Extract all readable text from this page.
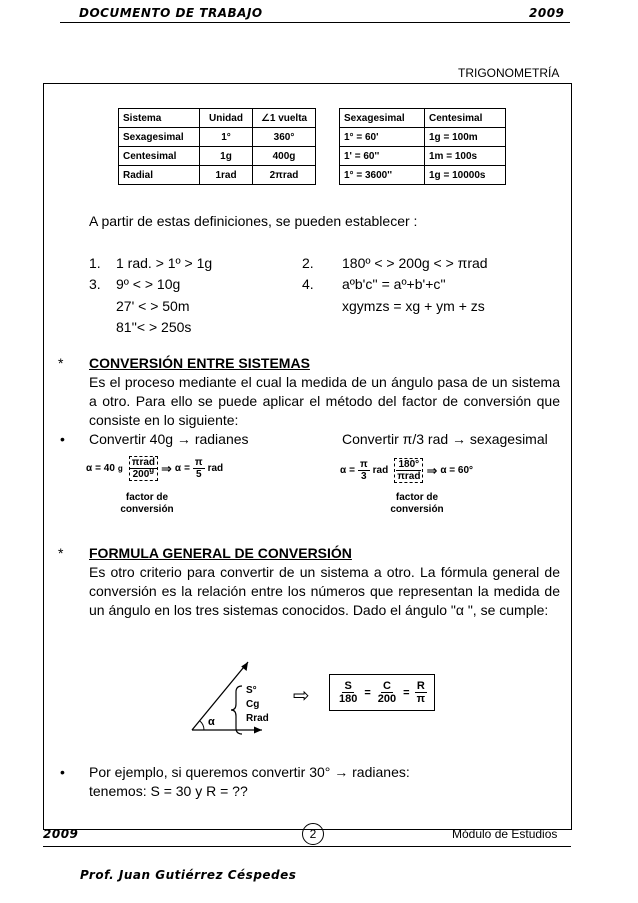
DOCUMENTO DE TRABAJO	2009
TRIGONOMETRÍA
Sistema	Unidad	∠1 vuelta
Sexagesimal	1°	360°
Centesimal	1g	400g
Radial	1rad	2πrad
Sexagesimal	Centesimal
1° = 60'	1g = 100m
1' = 60''	1m = 100s
1° = 3600''	1g = 10000s
A partir de estas definiciones, se pueden establecer :
1. 1 rad. > 1º > 1g	2. 180º < > 200g < > πrad
3. 9º < > 10g	4. aºb'c'' = aº+b'+c''
27' < > 50m	xgymzs = xg + ym + zs
81''< > 250s
* CONVERSIÓN ENTRE SISTEMAS
Es el proceso mediante el cual la medida de un ángulo pasa de un sistema a otro. Para ello se puede aplicar el método del factor de conversión que consiste en lo siguiente:
• Convertir 40g → radianes	Convertir π/3 rad → sexagesimal
α = 40 g $\frac{\text{πrad}}{200^g}$ ⇒ $\alpha = \frac{\pi}{5}$ rad
factor de
conversión
$\alpha = \frac{\pi}{3}$ rad $\frac{180^\circ}{\text{πrad}}$ ⇒ α = 60°
factor de
conversión
* FORMULA GENERAL DE CONVERSIÓN
Es otro criterio para convertir de un sistema a otro. La fórmula general de conversión es la relación entre los números que representan la medida de un ángulo en los tres sistemas conocidos. Dado el ángulo "α ", se cumple:
α
S°
Cg
Rrad
⇨ $\frac{S}{180} = \frac{C}{200} = \frac{R}{\pi}$
• Por ejemplo, si queremos convertir 30° → radianes:
tenemos: S = 30 y R = ??
2009	2	Módulo de Estudios
Prof. Juan Gutiérrez Céspedes
